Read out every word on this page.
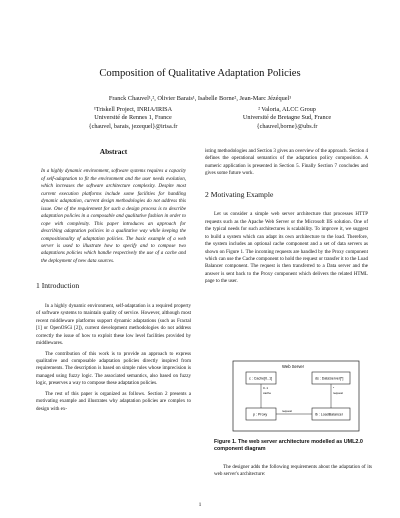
Composition of Qualitative Adaptation Policies
Franck Chauvel¹,², Olivier Barais¹, Isabelle Borne², Jean-Marc Jézéquel¹
¹Triskell Project, INRIA/IRISA
Université de Rennes 1, France
{chauvel, barais, jezequel}@irisa.fr
² Valoria, ALCC Group
Université de Bretagne Sud, France
{chauvel,borne}@ubs.fr
Abstract

In a highly dynamic environment, software systems requires a capacity of self-adaptation to fit the environment and the user needs evolution, which increases the software architecture complexity. Despite most current execution platforms include some facilities for handling dynamic adaptation, current design methodologies do not address this issue. One of the requirement for such a design process is to describe adaptation policies in a composable and qualitative fashion in order to cope with complexity. This paper introduces an approach for describing adaptation policies in a qualitative way while keeping the compositionality of adaptation policies. The basic example of a web server is used to illustrate how to specify and to compose two adaptations policies which handle respectively the use of a cache and the deployment of new data sources.

1 Introduction

In a highly dynamic environment, self-adaptation is a required property of software systems to maintain quality of service. However, although most recent middleware platforms support dynamic adaptations (such as Fractal [1] or OpenOSGi [2]), current development methodologies do not address correctly the issue of how to exploit these low level facilities provided by middlewares.

The contribution of this work is to provide an approach to express qualitative and composable adaptation policies directly inspired from requirements. The description is based on simple rules whose imprecision is managed using fuzzy logic. The associated semantics, also based on fuzzy logic, preserves a way to compose these adaptation policies.

The rest of this paper is organized as follows. Section 2 presents a motivating example and illustrates why adaptation policies are complex to design with ex-

isting methodologies and Section 3 gives an overview of the approach. Section 4 defines the operational semantics of the adaptation policy composition. A numeric application is presented in Section 5. Finally Section 7 concludes and gives some future work.

2 Motivating Example

Let us consider a simple web server architecture that processes HTTP requests such as the Apache Web Server or the Microsoft IIS solution. One of the typical needs for such architectures is scalability. To improve it, we suggest to build a system which can adapt its own architecture to the load. Therefore, the system includes an optional cache component and a set of data servers as shown on Figure 1. The incoming requests are handled by the Proxy component which can use the Cache component to hold the request or transfer it to the Load Balancer component. The request is then transferred to a Data server and the answer is sent back to the Proxy component which delivers the related HTML page to the user.

Web Server
c : Cache[0..1]	ds : DataServer[*]
p : Proxy	lb : LoadBalancer
cache
0..1
request
request
*
Figure 1. The web server architecture modelled as UML2.0 component diagram

The designer adds the following requirements about the adaptation of its web server's architecture:

1
